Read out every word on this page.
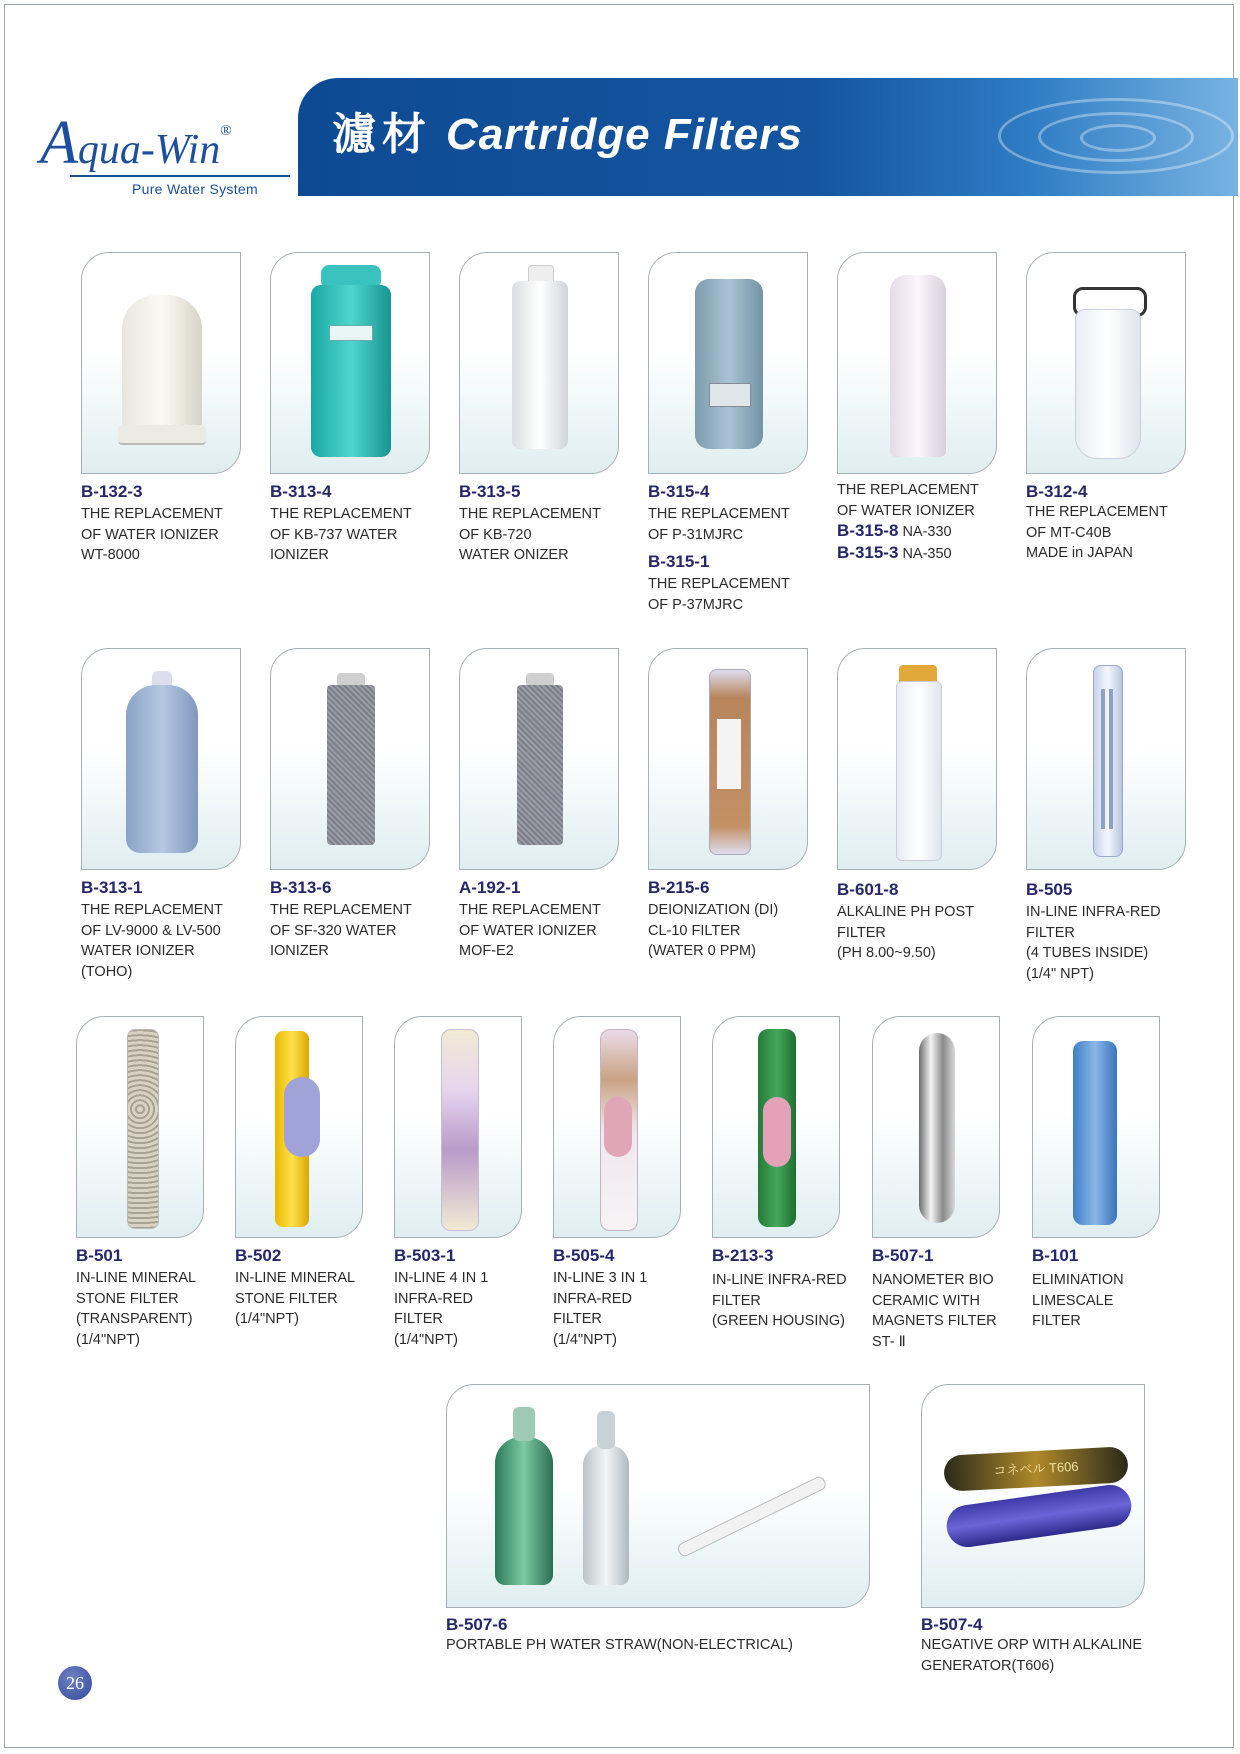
Aqua-Win®
Pure Water System
濾材 Cartridge Filters
B-132-3
THE REPLACEMENT
OF WATER IONIZER
WT-8000
B-313-4
THE REPLACEMENT
OF KB-737 WATER
IONIZER
B-313-5
THE REPLACEMENT
OF KB-720
WATER ONIZER
B-315-4
THE REPLACEMENT
OF P-31MJRC
B-315-1
THE REPLACEMENT
OF P-37MJRC
THE REPLACEMENT
OF WATER IONIZER
B-315-8 NA-330
B-315-3 NA-350
B-312-4
THE REPLACEMENT
OF MT-C40B
MADE in JAPAN
B-313-1
THE REPLACEMENT
OF LV-9000 & LV-500
WATER IONIZER
(TOHO)
B-313-6
THE REPLACEMENT
OF SF-320 WATER
IONIZER
A-192-1
THE REPLACEMENT
OF WATER IONIZER
MOF-E2
B-215-6
DEIONIZATION (DI)
CL-10 FILTER
(WATER 0 PPM)
B-601-8
ALKALINE PH POST
FILTER
(PH 8.00~9.50)
B-505
IN-LINE INFRA-RED
FILTER
(4 TUBES INSIDE)
(1/4" NPT)
B-501
IN-LINE MINERAL
STONE FILTER
(TRANSPARENT)
(1/4"NPT)
B-502
IN-LINE MINERAL
STONE FILTER
(1/4"NPT)
B-503-1
IN-LINE 4 IN 1
INFRA-RED
FILTER
(1/4"NPT)
B-505-4
IN-LINE 3 IN 1
INFRA-RED
FILTER
(1/4"NPT)
B-213-3
IN-LINE INFRA-RED
FILTER
(GREEN HOUSING)
B-507-1
NANOMETER BIO
CERAMIC WITH
MAGNETS FILTER
ST- Ⅱ
B-101
ELIMINATION
LIMESCALE
FILTER
B-507-6
PORTABLE PH WATER STRAW(NON-ELECTRICAL)
コネベル T606
B-507-4
NEGATIVE ORP WITH ALKALINE
GENERATOR(T606)
26
